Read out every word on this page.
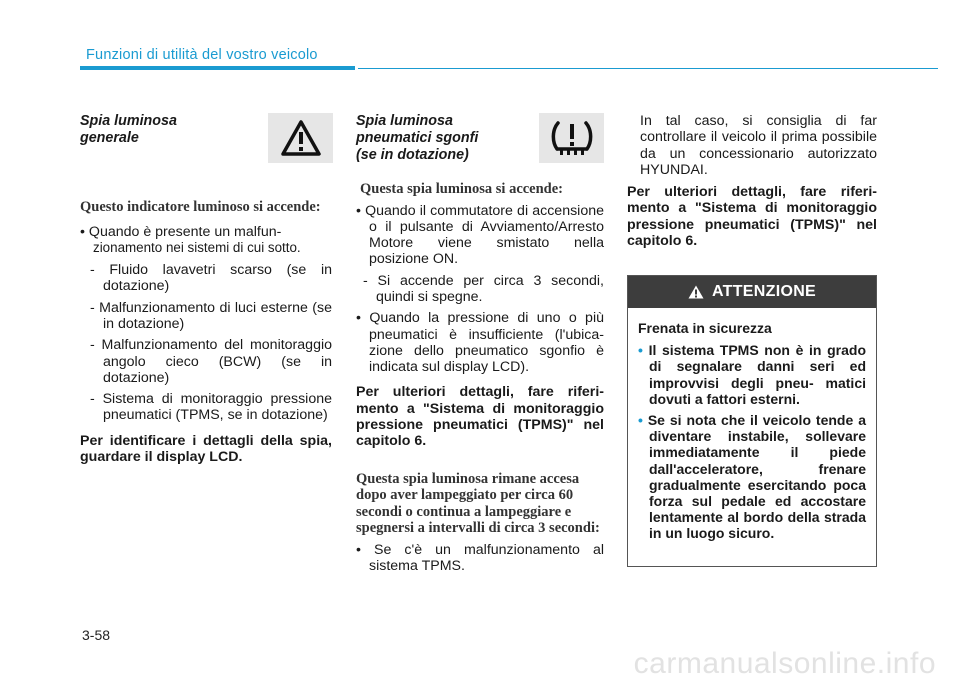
Funzioni di utilità del vostro veicolo
Spia luminosa
generale
Questo indicatore luminoso si accende:
• Quando è presente un malfun-
zionamento nei sistemi di cui sotto.
- Fluido lavavetri scarso (se in dotazione)
- Malfunzionamento di luci esterne (se in dotazione)
- Malfunzionamento del monitoraggio angolo cieco (BCW) (se in dotazione)
- Sistema di monitoraggio pressione pneumatici (TPMS, se in dotazione)
Per identificare i dettagli della spia, guardare il display LCD.
Spia luminosa
pneumatici sgonfi
(se in dotazione)
Questa spia luminosa si accende:
• Quando il commutatore di accensione o il pulsante di Avviamento/Arresto Motore viene smistato nella posizione ON.
- Si accende per circa 3 secondi, quindi si spegne.
• Quando la pressione di uno o più pneumatici è insufficiente (l'ubica- zione dello pneumatico sgonfio è indicata sul display LCD).
Per ulteriori dettagli, fare riferi- mento a "Sistema di monitoraggio pressione pneumatici (TPMS)" nel capitolo 6.
Questa spia luminosa rimane accesa dopo aver lampeggiato per circa 60 secondi o continua a lampeggiare e spegnersi a intervalli di circa 3 secondi:
• Se c'è un malfunzionamento al sistema TPMS.
In tal caso, si consiglia di far controllare il veicolo il prima possibile da un concessionario autorizzato HYUNDAI.
Per ulteriori dettagli, fare riferi- mento a "Sistema di monitoraggio pressione pneumatici (TPMS)" nel capitolo 6.
ATTENZIONE
Frenata in sicurezza
• Il sistema TPMS non è in grado di segnalare danni seri ed improvvisi degli pneu- matici dovuti a fattori esterni.
• Se si nota che il veicolo tende a diventare instabile, sollevare immediatamente il piede dall'acceleratore, frenare gradualmente esercitando poca forza sul pedale ed accostare lentamente al bordo della strada in un luogo sicuro.
3-58
carmanualsonline.info
